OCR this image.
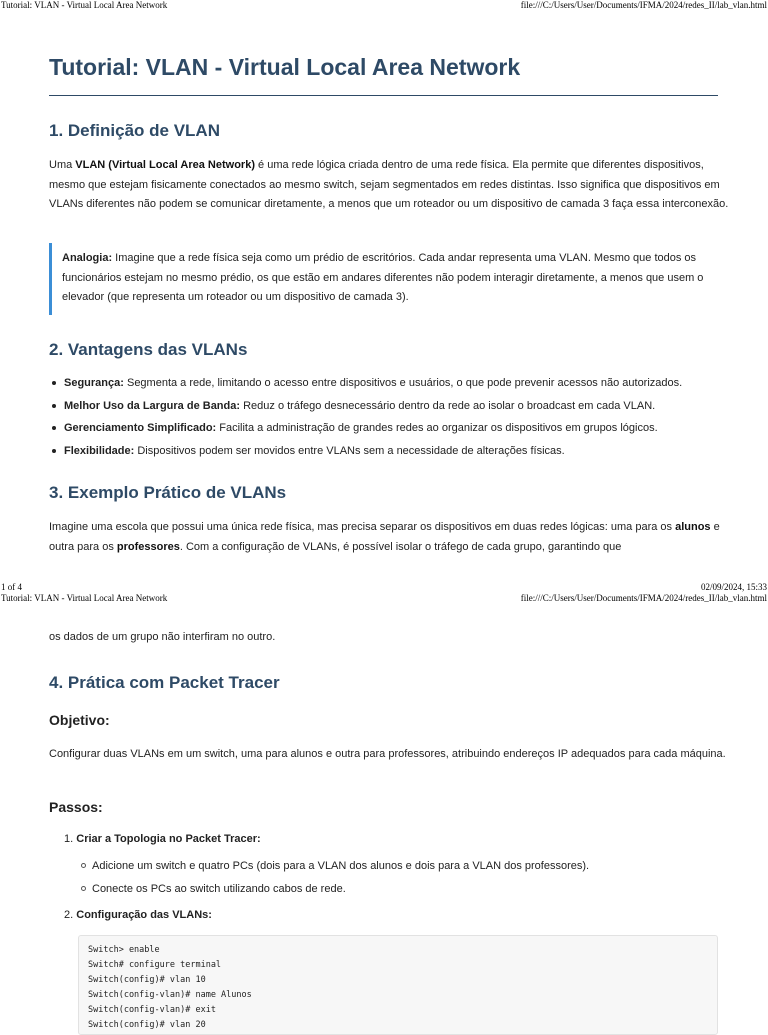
Tutorial: VLAN - Virtual Local Area Network	file:///C:/Users/User/Documents/IFMA/2024/redes_II/lab_vlan.html
Tutorial: VLAN - Virtual Local Area Network
1. Definição de VLAN

Uma VLAN (Virtual Local Area Network) é uma rede lógica criada dentro de uma rede física. Ela permite que diferentes dispositivos, mesmo que estejam fisicamente conectados ao mesmo switch, sejam segmentados em redes distintas. Isso significa que dispositivos em VLANs diferentes não podem se comunicar diretamente, a menos que um roteador ou um dispositivo de camada 3 faça essa interconexão.

Analogia: Imagine que a rede física seja como um prédio de escritórios. Cada andar representa uma VLAN. Mesmo que todos os funcionários estejam no mesmo prédio, os que estão em andares diferentes não podem interagir diretamente, a menos que usem o elevador (que representa um roteador ou um dispositivo de camada 3).

2. Vantagens das VLANs
Segurança: Segmenta a rede, limitando o acesso entre dispositivos e usuários, o que pode prevenir acessos não autorizados.
Melhor Uso da Largura de Banda: Reduz o tráfego desnecessário dentro da rede ao isolar o broadcast em cada VLAN.
Gerenciamento Simplificado: Facilita a administração de grandes redes ao organizar os dispositivos em grupos lógicos.
Flexibilidade: Dispositivos podem ser movidos entre VLANs sem a necessidade de alterações físicas.
3. Exemplo Prático de VLANs

Imagine uma escola que possui uma única rede física, mas precisa separar os dispositivos em duas redes lógicas: uma para os alunos e outra para os professores. Com a configuração de VLANs, é possível isolar o tráfego de cada grupo, garantindo que

1 of 4	02/09/2024, 15:33
Tutorial: VLAN - Virtual Local Area Network	file:///C:/Users/User/Documents/IFMA/2024/redes_II/lab_vlan.html

os dados de um grupo não interfiram no outro.

4. Prática com Packet Tracer
Objetivo:

Configurar duas VLANs em um switch, uma para alunos e outra para professores, atribuindo endereços IP adequados para cada máquina.

Passos:
1. Criar a Topologia no Packet Tracer:
Adicione um switch e quatro PCs (dois para a VLAN dos alunos e dois para a VLAN dos professores).
Conecte os PCs ao switch utilizando cabos de rede.
2. Configuração das VLANs:
Switch> enable
Switch# configure terminal
Switch(config)# vlan 10
Switch(config-vlan)# name Alunos
Switch(config-vlan)# exit
Switch(config)# vlan 20
